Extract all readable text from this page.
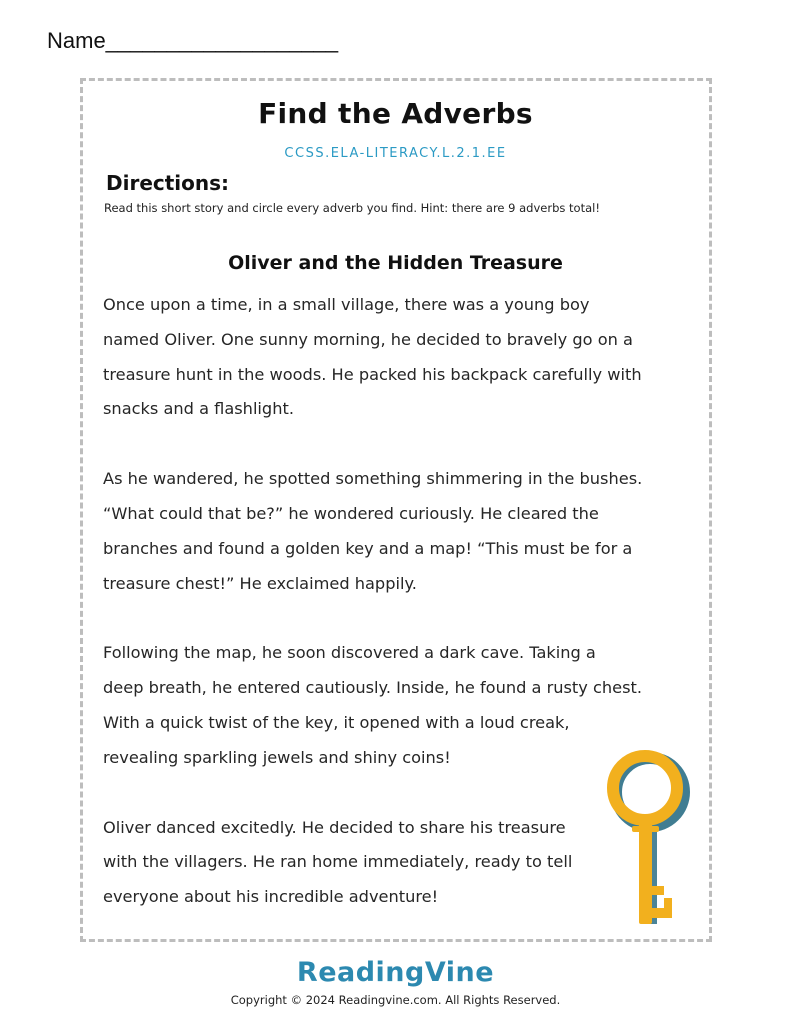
Name___________________
Find the Adverbs
CCSS.ELA-LITERACY.L.2.1.EE
Directions:
Read this short story and circle every adverb you find. Hint: there are 9 adverbs total!
Oliver and the Hidden Treasure

Once upon a time, in a small village, there was a young boy
named Oliver. One sunny morning, he decided to bravely go on a
treasure hunt in the woods. He packed his backpack carefully with
snacks and a flashlight.

As he wandered, he spotted something shimmering in the bushes.
“What could that be?” he wondered curiously. He cleared the
branches and found a golden key and a map! “This must be for a
treasure chest!” He exclaimed happily.

Following the map, he soon discovered a dark cave. Taking a
deep breath, he entered cautiously. Inside, he found a rusty chest.
With a quick twist of the key, it opened with a loud creak,
revealing sparkling jewels and shiny coins!

Oliver danced excitedly. He decided to share his treasure
with the villagers. He ran home immediately, ready to tell
everyone about his incredible adventure!

ReadingVine
Copyright © 2024 Readingvine.com. All Rights Reserved.
